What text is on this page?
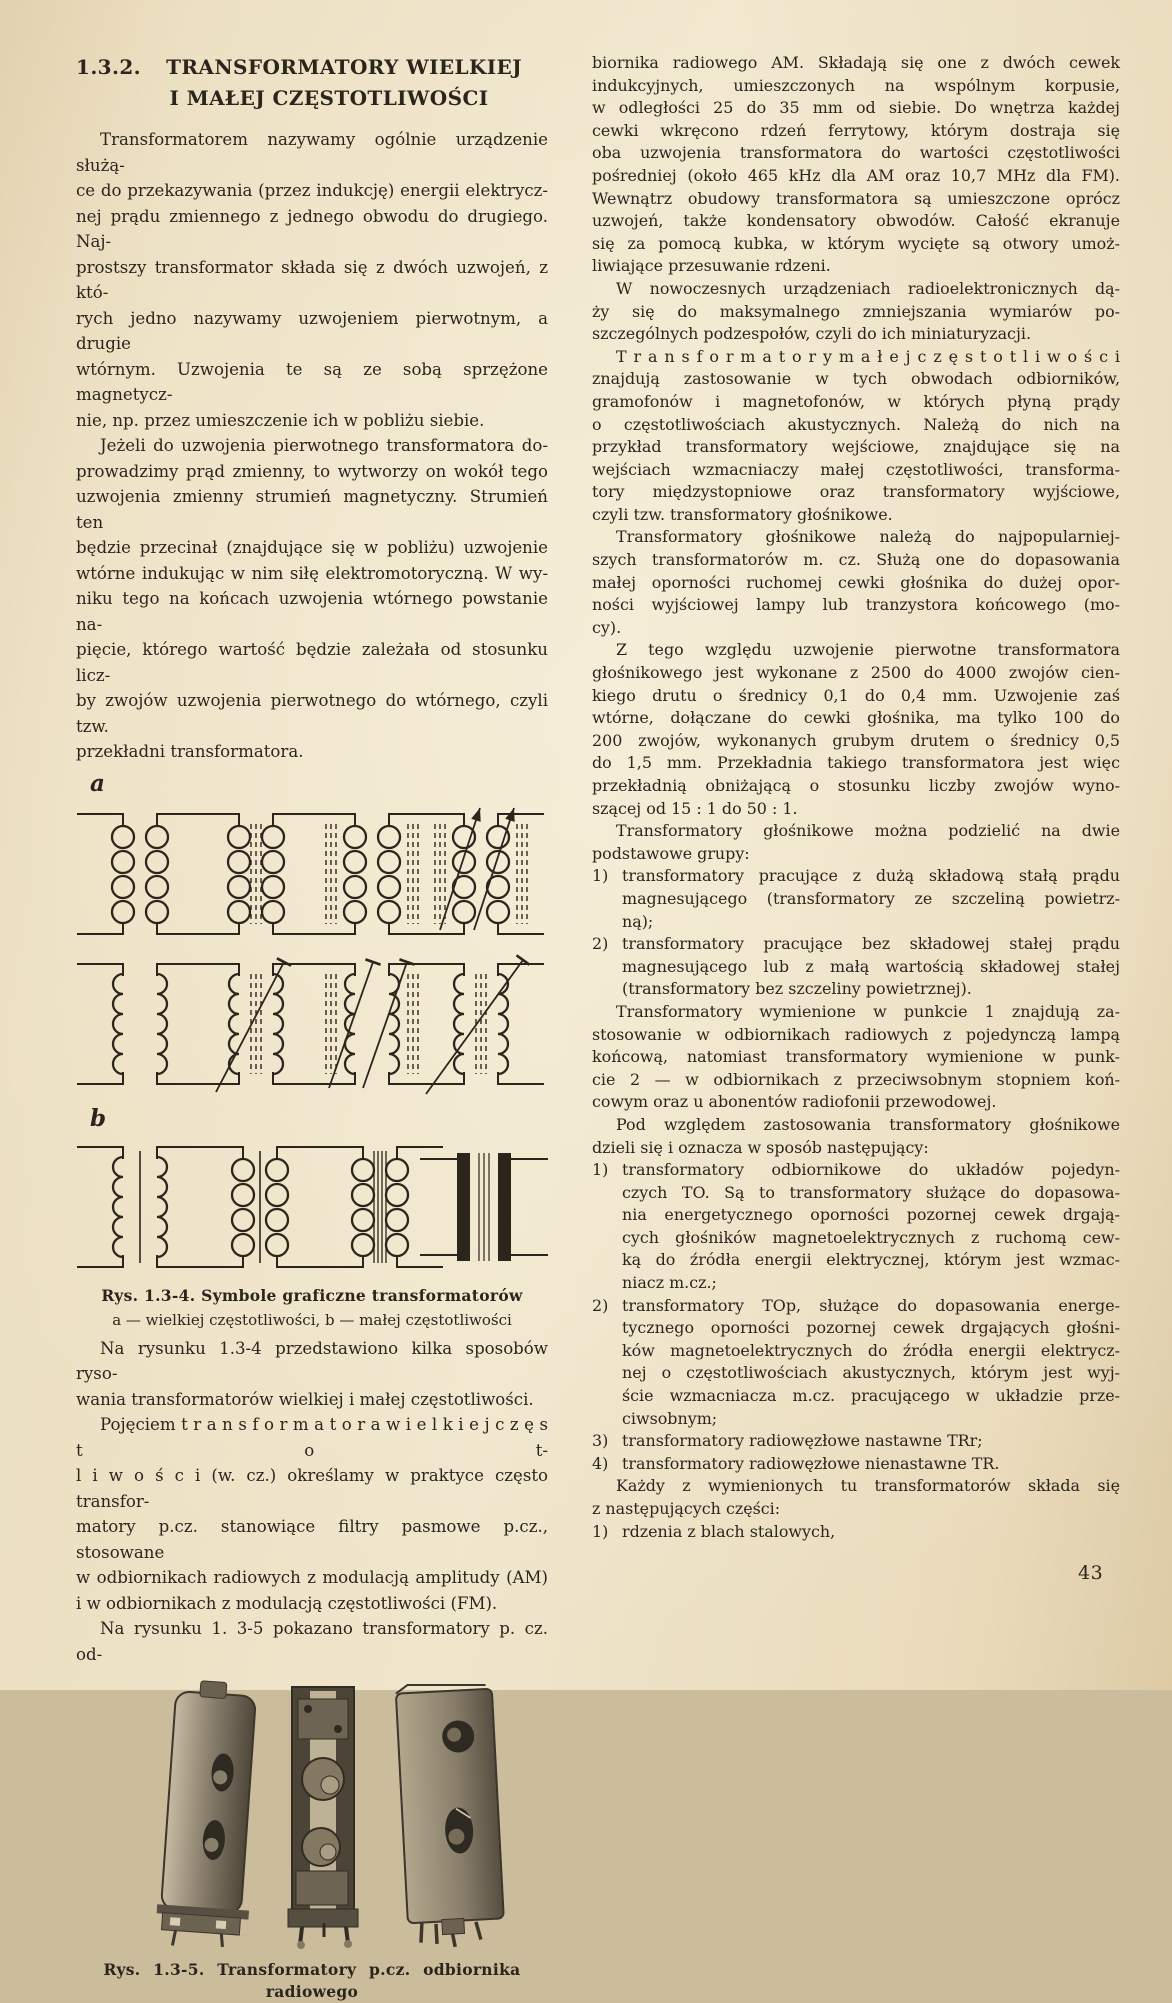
1.3.2. TRANSFORMATORY WIELKIEJ
I MAŁEJ CZĘSTOTLIWOŚCI
Transformatorem nazywamy ogólnie urządzenie służą-
ce do przekazywania (przez indukcję) energii elektrycz-
nej prądu zmiennego z jednego obwodu do drugiego. Naj-
prostszy transformator składa się z dwóch uzwojeń, z któ-
rych jedno nazywamy uzwojeniem pierwotnym, a drugie
wtórnym. Uzwojenia te są ze sobą sprzężone magnetycz-
nie, np. przez umieszczenie ich w pobliżu siebie.
Jeżeli do uzwojenia pierwotnego transformatora do-
prowadzimy prąd zmienny, to wytworzy on wokół tego
uzwojenia zmienny strumień magnetyczny. Strumień ten
będzie przecinał (znajdujące się w pobliżu) uzwojenie
wtórne indukując w nim siłę elektromotoryczną. W wy-
niku tego na końcach uzwojenia wtórnego powstanie na-
pięcie, którego wartość będzie zależała od stosunku licz-
by zwojów uzwojenia pierwotnego do wtórnego, czyli tzw.
przekładni transformatora.
a
b
Rys. 1.3-4. Symbole graficzne transformatorów
a — wielkiej częstotliwości, b — małej częstotliwości
Na rysunku 1.3-4 przedstawiono kilka sposobów ryso-
wania transformatorów wielkiej i małej częstotliwości.
Pojęciem t r a n s f o r m a t o r a w i e l k i e j c z ę s t o t-
l i w o ś c i (w. cz.) określamy w praktyce często transfor-
matory p.cz. stanowiące filtry pasmowe p.cz., stosowane
w odbiornikach radiowych z modulacją amplitudy (AM)
i w odbiornikach z modulacją częstotliwości (FM).
Na rysunku 1. 3-5 pokazano transformatory p. cz. od-
Rys. 1.3-5. Transformatory p.cz. odbiornika radiowego
biornika radiowego AM. Składają się one z dwóch cewek
indukcyjnych, umieszczonych na wspólnym korpusie,
w odległości 25 do 35 mm od siebie. Do wnętrza każdej
cewki wkręcono rdzeń ferrytowy, którym dostraja się
oba uzwojenia transformatora do wartości częstotliwości
pośredniej (około 465 kHz dla AM oraz 10,7 MHz dla FM).
Wewnątrz obudowy transformatora są umieszczone oprócz
uzwojeń, także kondensatory obwodów. Całość ekranuje
się za pomocą kubka, w którym wycięte są otwory umoż-
liwiające przesuwanie rdzeni.
W nowoczesnych urządzeniach radioelektronicznych dą-
ży się do maksymalnego zmniejszania wymiarów po-
szczególnych podzespołów, czyli do ich miniaturyzacji.
T r a n s f o r m a t o r y m a ł e j c z ę s t o t l i w o ś c i
znajdują zastosowanie w tych obwodach odbiorników,
gramofonów i magnetofonów, w których płyną prądy
o częstotliwościach akustycznych. Należą do nich na
przykład transformatory wejściowe, znajdujące się na
wejściach wzmacniaczy małej częstotliwości, transforma-
tory międzystopniowe oraz transformatory wyjściowe,
czyli tzw. transformatory głośnikowe.
Transformatory głośnikowe należą do najpopularniej-
szych transformatorów m. cz. Służą one do dopasowania
małej oporności ruchomej cewki głośnika do dużej opor-
ności wyjściowej lampy lub tranzystora końcowego (mo-
cy).
Z tego względu uzwojenie pierwotne transformatora
głośnikowego jest wykonane z 2500 do 4000 zwojów cien-
kiego drutu o średnicy 0,1 do 0,4 mm. Uzwojenie zaś
wtórne, dołączane do cewki głośnika, ma tylko 100 do
200 zwojów, wykonanych grubym drutem o średnicy 0,5
do 1,5 mm. Przekładnia takiego transformatora jest więc
przekładnią obniżającą o stosunku liczby zwojów wyno-
szącej od 15 : 1 do 50 : 1.
Transformatory głośnikowe można podzielić na dwie
podstawowe grupy:
1) transformatory pracujące z dużą składową stałą prądu
magnesującego (transformatory ze szczeliną powietrz-
ną);
2) transformatory pracujące bez składowej stałej prądu
magnesującego lub z małą wartością składowej stałej
(transformatory bez szczeliny powietrznej).
Transformatory wymienione w punkcie 1 znajdują za-
stosowanie w odbiornikach radiowych z pojedynczą lampą
końcową, natomiast transformatory wymienione w punk-
cie 2 — w odbiornikach z przeciwsobnym stopniem koń-
cowym oraz u abonentów radiofonii przewodowej.
Pod względem zastosowania transformatory głośnikowe
dzieli się i oznacza w sposób następujący:
1) transformatory odbiornikowe do układów pojedyn-
czych TO. Są to transformatory służące do dopasowa-
nia energetycznego oporności pozornej cewek drgają-
cych głośników magnetoelektrycznych z ruchomą cew-
ką do źródła energii elektrycznej, którym jest wzmac-
niacz m.cz.;
2) transformatory TOp, służące do dopasowania energe-
tycznego oporności pozornej cewek drgających głośni-
ków magnetoelektrycznych do źródła energii elektrycz-
nej o częstotliwościach akustycznych, którym jest wyj-
ście wzmacniacza m.cz. pracującego w układzie prze-
ciwsobnym;
3) transformatory radiowęzłowe nastawne TRr;
4) transformatory radiowęzłowe nienastawne TR.
Każdy z wymienionych tu transformatorów składa się
z następujących części:
1) rdzenia z blach stalowych,
43
